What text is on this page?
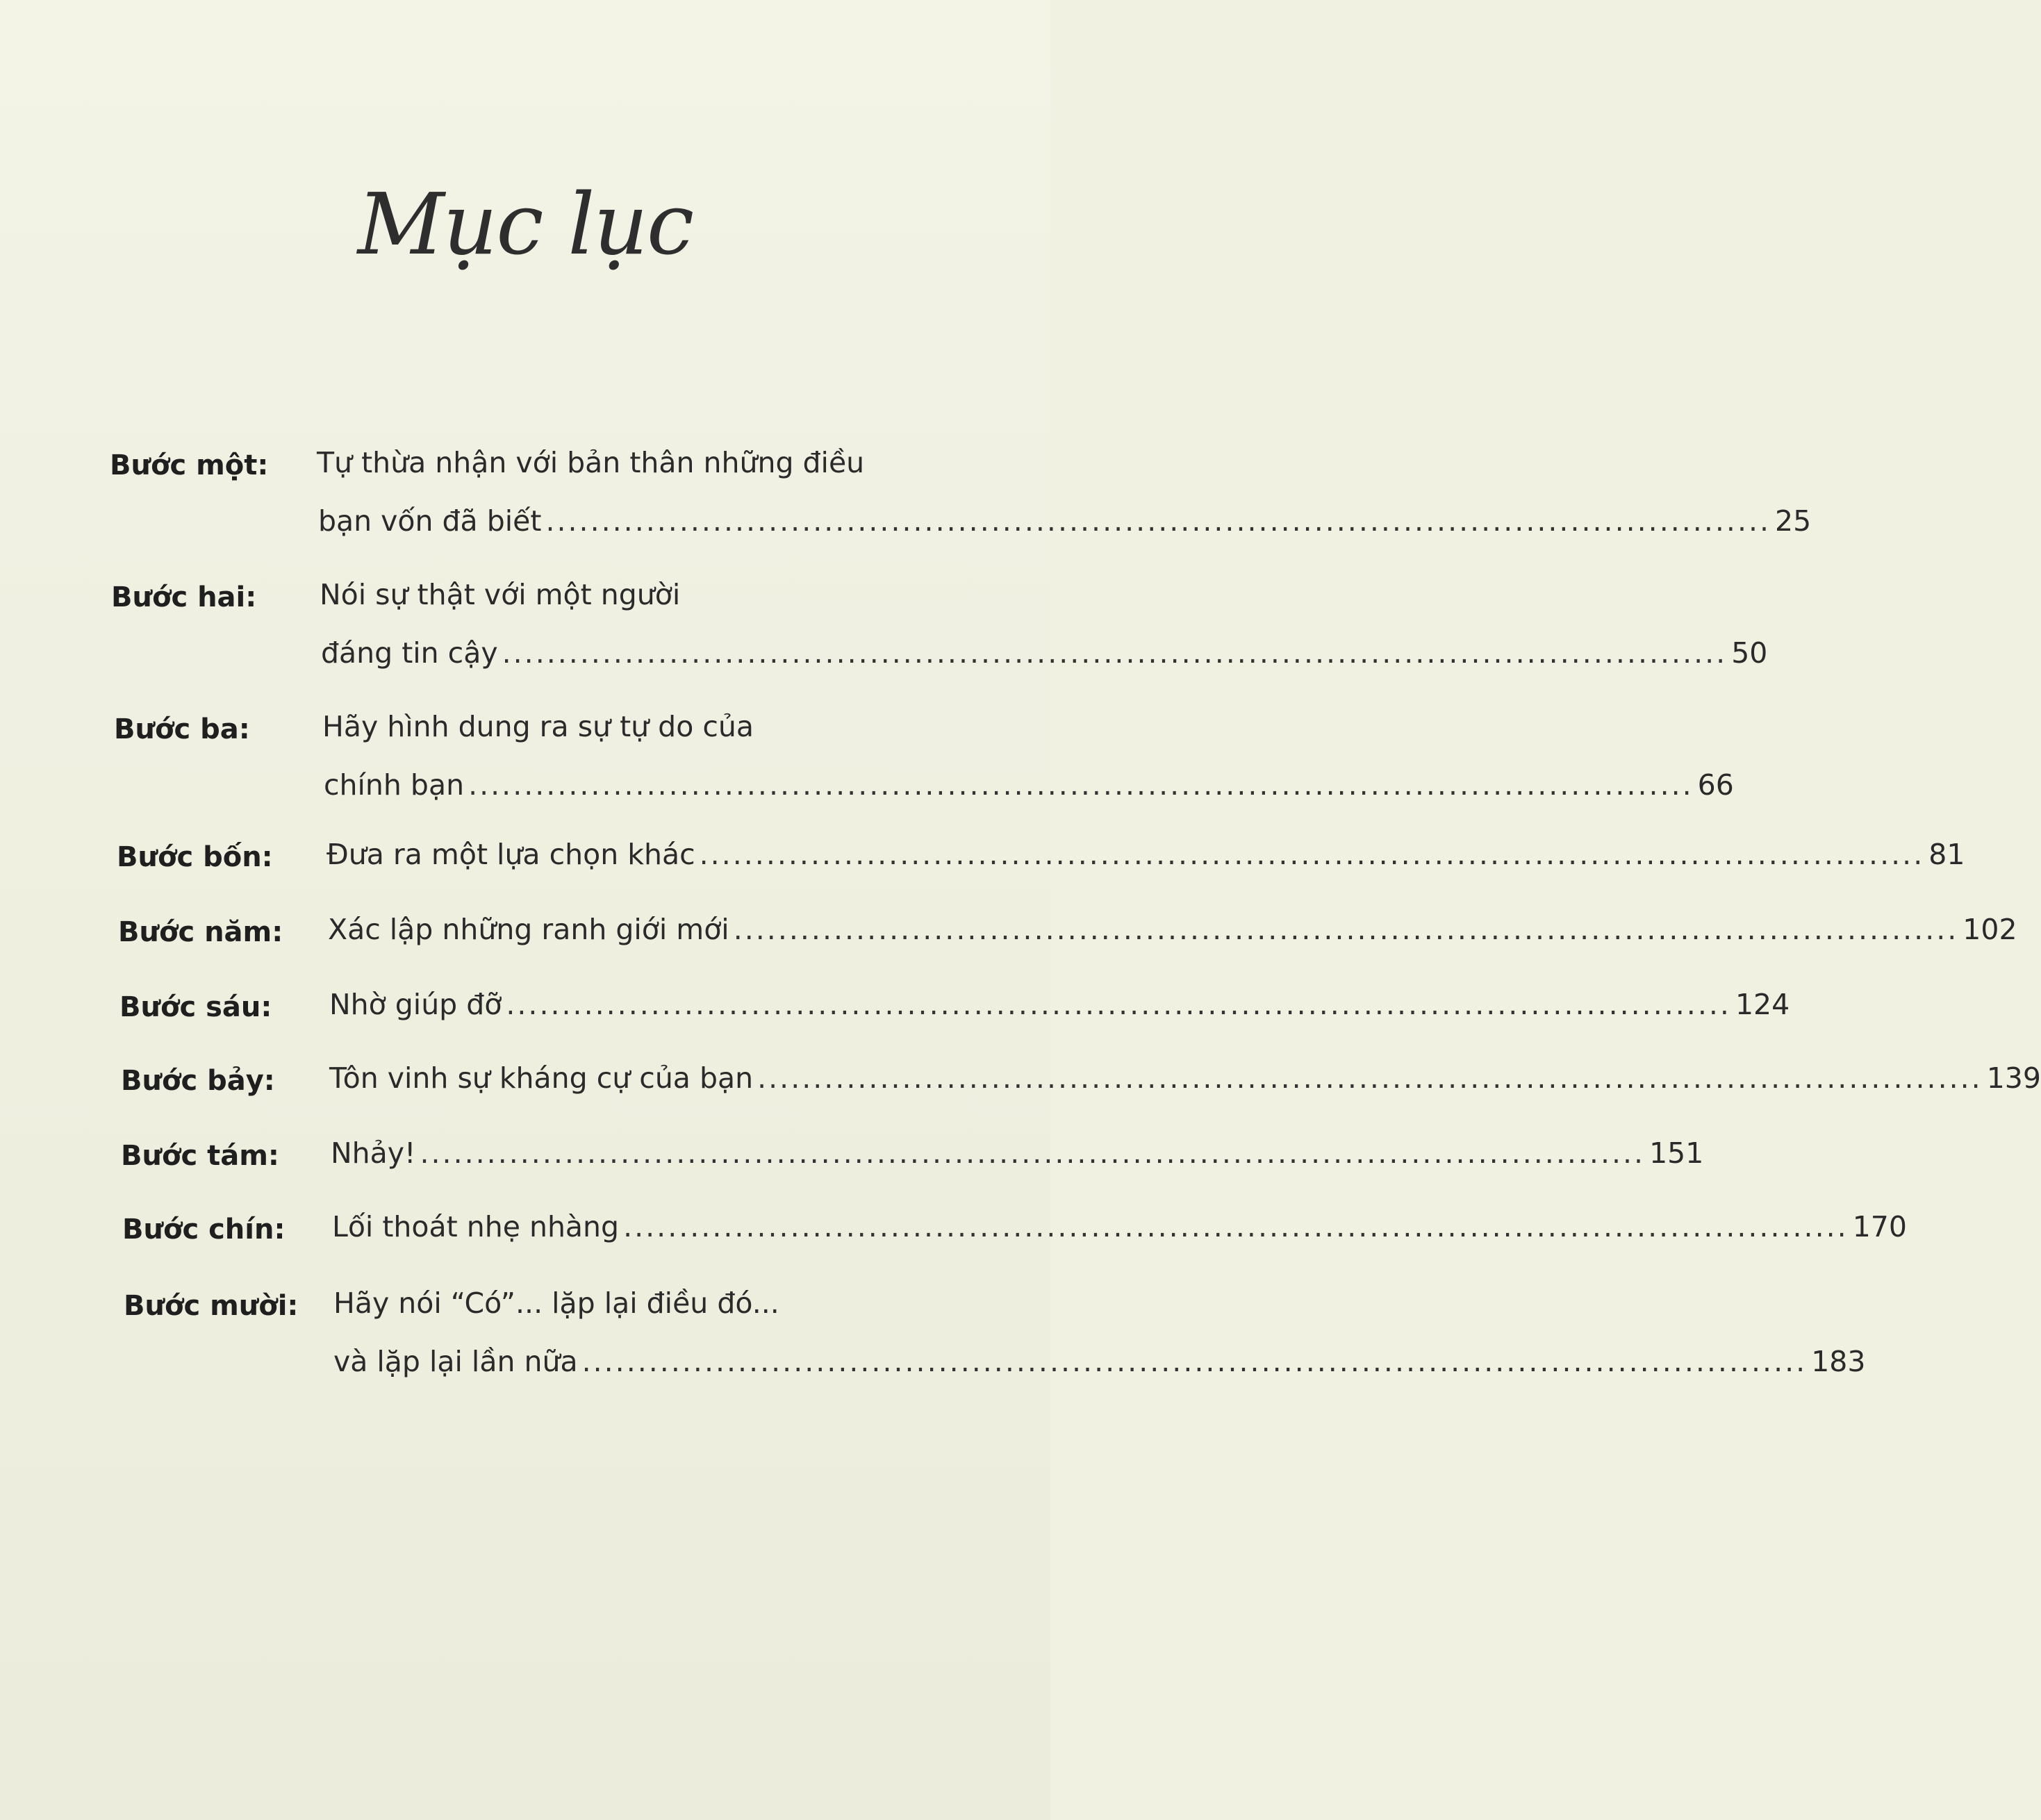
Mục lục
Bước một: Tự thừa nhận với bản thân những điều
bạn vốn đã biết .............................................................................................................. 25
Bước hai: Nói sự thật với một người
đáng tin cậy .............................................................................................................. 50
Bước ba:	Hãy hình dung ra sự tự do của
chính bạn .............................................................................................................. 66
Bước bốn: Đưa ra một lựa chọn khác .............................................................................................................. 81
Bước năm: Xác lập những ranh giới mới .............................................................................................................. 102
Bước sáu: Nhờ giúp đỡ .............................................................................................................. 124
Bước bảy: Tôn vinh sự kháng cự của bạn .............................................................................................................. 139
Bước tám: Nhảy! .............................................................................................................. 151
Bước chín: Lối thoát nhẹ nhàng .............................................................................................................. 170
Bước mười: Hãy nói “Có”... lặp lại điều đó...
và lặp lại lần nữa .............................................................................................................. 183
